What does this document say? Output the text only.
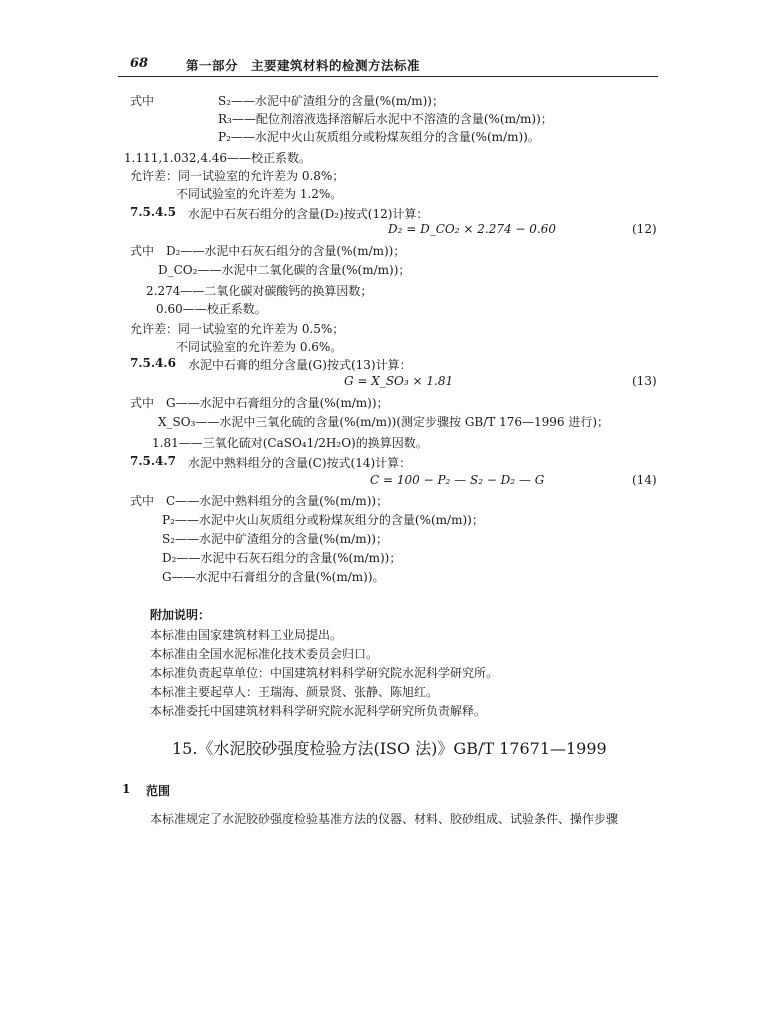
68	第一部分　主要建筑材料的检测方法标准
式中	S₂——水泥中矿渣组分的含量(%(m/m))；
R₃——配位剂溶液选择溶解后水泥中不溶渣的含量(%(m/m))；
P₂——水泥中火山灰质组分或粉煤灰组分的含量(%(m/m))。
1.111,1.032,4.46——校正系数。
允许差：同一试验室的允许差为 0.8%；
不同试验室的允许差为 1.2%。
7.5.4.5 水泥中石灰石组分的含量(D₂)按式(12)计算：
D₂ = D_CO₂ × 2.274 − 0.60	(12)
式中　D₂——水泥中石灰石组分的含量(%(m/m))；
D_CO₂——水泥中二氧化碳的含量(%(m/m))；
2.274——二氧化碳对碳酸钙的换算因数；
0.60——校正系数。
允许差：同一试验室的允许差为 0.5%；
不同试验室的允许差为 0.6%。
7.5.4.6 水泥中石膏的组分含量(G)按式(13)计算：
G = X_SO₃ × 1.81	(13)
式中　G——水泥中石膏组分的含量(%(m/m))；
X_SO₃——水泥中三氧化硫的含量(%(m/m))(测定步骤按 GB/T 176—1996 进行)；
1.81——三氧化硫对(CaSO₄1/2H₂O)的换算因数。
7.5.4.7 水泥中熟料组分的含量(C)按式(14)计算：
C = 100 − P₂ — S₂ − D₂ — G	(14)
式中　C——水泥中熟料组分的含量(%(m/m))；
P₂——水泥中火山灰质组分或粉煤灰组分的含量(%(m/m))；
S₂——水泥中矿渣组分的含量(%(m/m))；
D₂——水泥中石灰石组分的含量(%(m/m))；
G——水泥中石膏组分的含量(%(m/m))。
附加说明：
本标准由国家建筑材料工业局提出。
本标准由全国水泥标准化技术委员会归口。
本标准负责起草单位：中国建筑材料科学研究院水泥科学研究所。
本标准主要起草人：王瑞海、颜景贤、张静、陈旭红。
本标准委托中国建筑材料科学研究院水泥科学研究所负责解释。
15.《水泥胶砂强度检验方法(ISO 法)》GB/T 17671—1999
1 范围
本标准规定了水泥胶砂强度检验基准方法的仪器、材料、胶砂组成、试验条件、操作步骤
